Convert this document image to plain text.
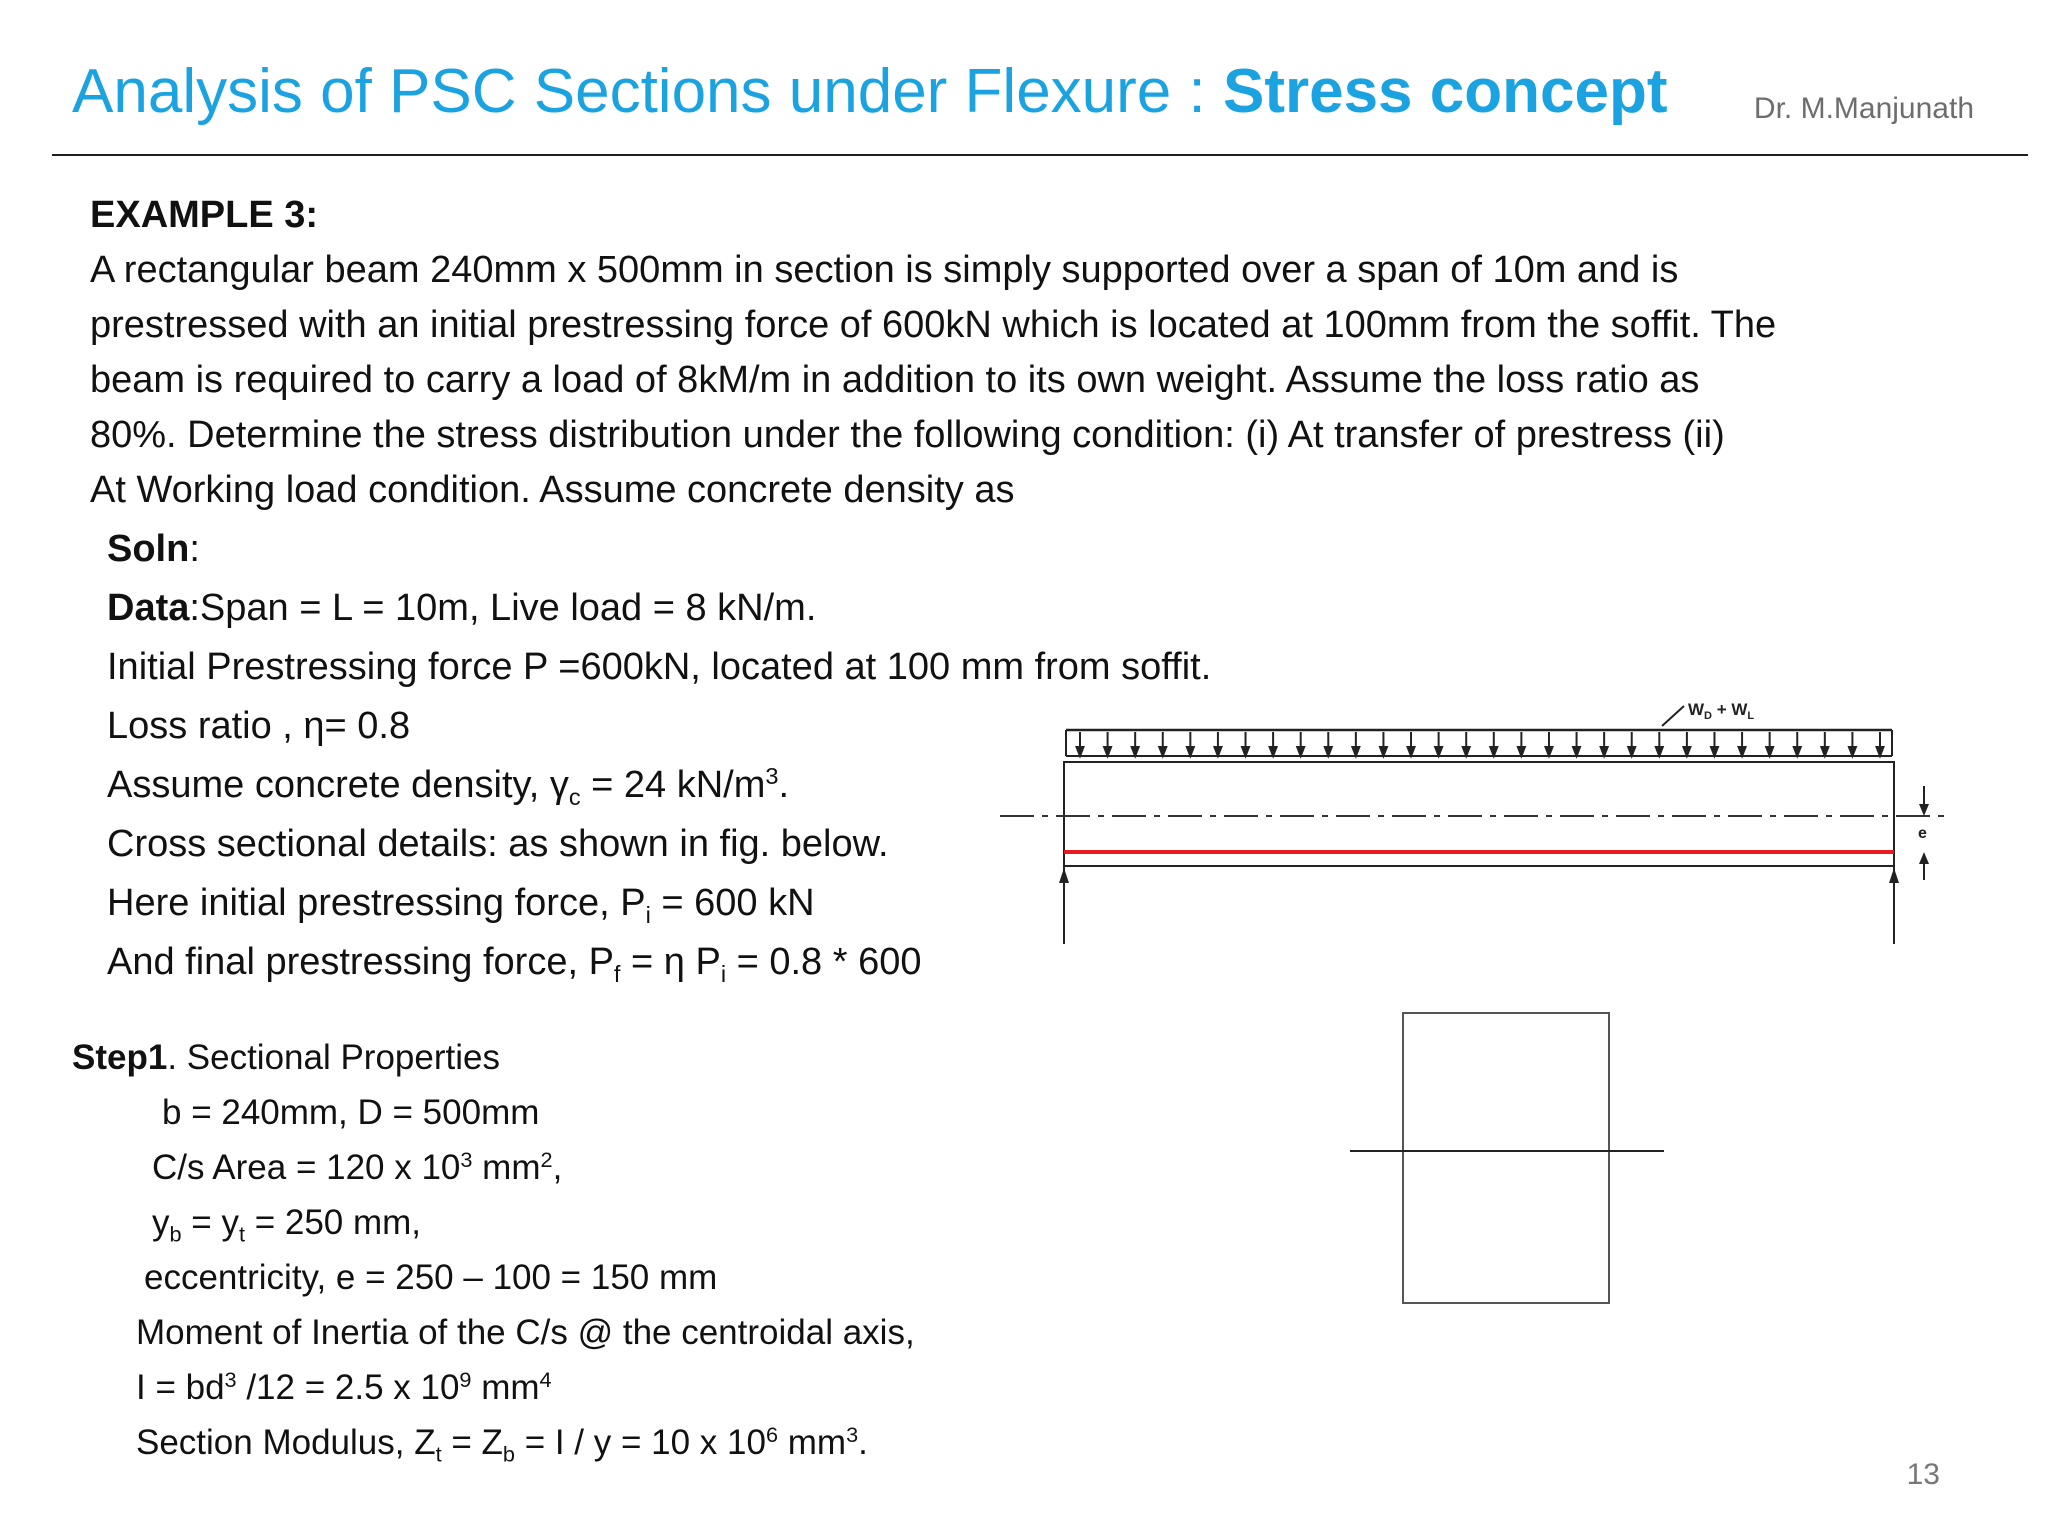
Analysis of PSC Sections under Flexure : Stress concept	Dr. M.Manjunath
EXAMPLE 3:
A rectangular beam 240mm x 500mm in section is simply supported over a span of 10m and is
prestressed with an initial prestressing force of 600kN which is located at 100mm from the soffit. The
beam is required to carry a load of 8kM/m in addition to its own weight. Assume the loss ratio as
80%. Determine the stress distribution under the following condition: (i) At transfer of prestress (ii)
At Working load condition. Assume concrete density as
Soln:
Data:Span = L = 10m, Live load = 8 kN/m.
Initial Prestressing force P =600kN, located at 100 mm from soffit.
Loss ratio , η= 0.8
Assume concrete density, $\gamma_c = 24$ $kN/m^3$.
Cross sectional details: as shown in fig. below.
Here initial prestressing force, $P_i = 600$ kN
And final prestressing force, $P_f = \eta$ $P_i = 0.8 * 600$
Step1. Sectional Properties
b = 240mm, D = 500mm
C/s Area = 120 x $10^3$ $mm^2$,
$y_b = y_t = 250$ mm,
eccentricity, e = 250 – 100 = 150 mm
Moment of Inertia of the C/s @ the centroidal axis,
$I = bd^3$ /12 = 2.5 x $10^9$ $mm^4$
Section Modulus, $Z_t = Z_b = I / y = 10$ x $10^6$ $mm^3$.
$W_D + W_L$
e
13
